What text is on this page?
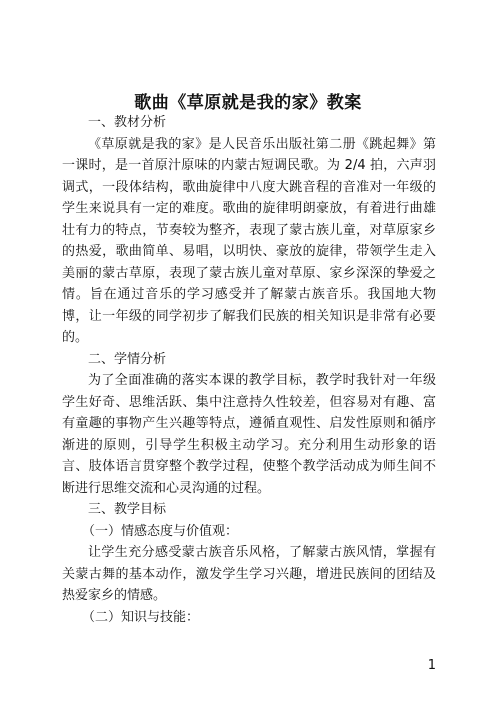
歌曲《草原就是我的家》教案

一、教材分析

《草原就是我的家》是人民音乐出版社第二册《跳起舞》第一课时，是一首原汁原味的内蒙古短调民歌。为 2/4 拍，六声羽调式，一段体结构，歌曲旋律中八度大跳音程的音准对一年级的学生来说具有一定的难度。歌曲的旋律明朗豪放，有着进行曲雄壮有力的特点，节奏较为整齐，表现了蒙古族儿童，对草原家乡的热爱，歌曲简单、易唱，以明快、豪放的旋律，带领学生走入美丽的蒙古草原，表现了蒙古族儿童对草原、家乡深深的挚爱之情。旨在通过音乐的学习感受并了解蒙古族音乐。我国地大物博，让一年级的同学初步了解我们民族的相关知识是非常有必要的。

二、学情分析

为了全面准确的落实本课的教学目标，教学时我针对一年级学生好奇、思维活跃、集中注意持久性较差，但容易对有趣、富有童趣的事物产生兴趣等特点，遵循直观性、启发性原则和循序渐进的原则，引导学生积极主动学习。充分利用生动形象的语言、肢体语言贯穿整个教学过程，使整个教学活动成为师生间不断进行思维交流和心灵沟通的过程。

三、教学目标

（一）情感态度与价值观：

让学生充分感受蒙古族音乐风格，了解蒙古族风情，掌握有关蒙古舞的基本动作，激发学生学习兴趣，增进民族间的团结及热爱家乡的情感。

（二）知识与技能：

1
